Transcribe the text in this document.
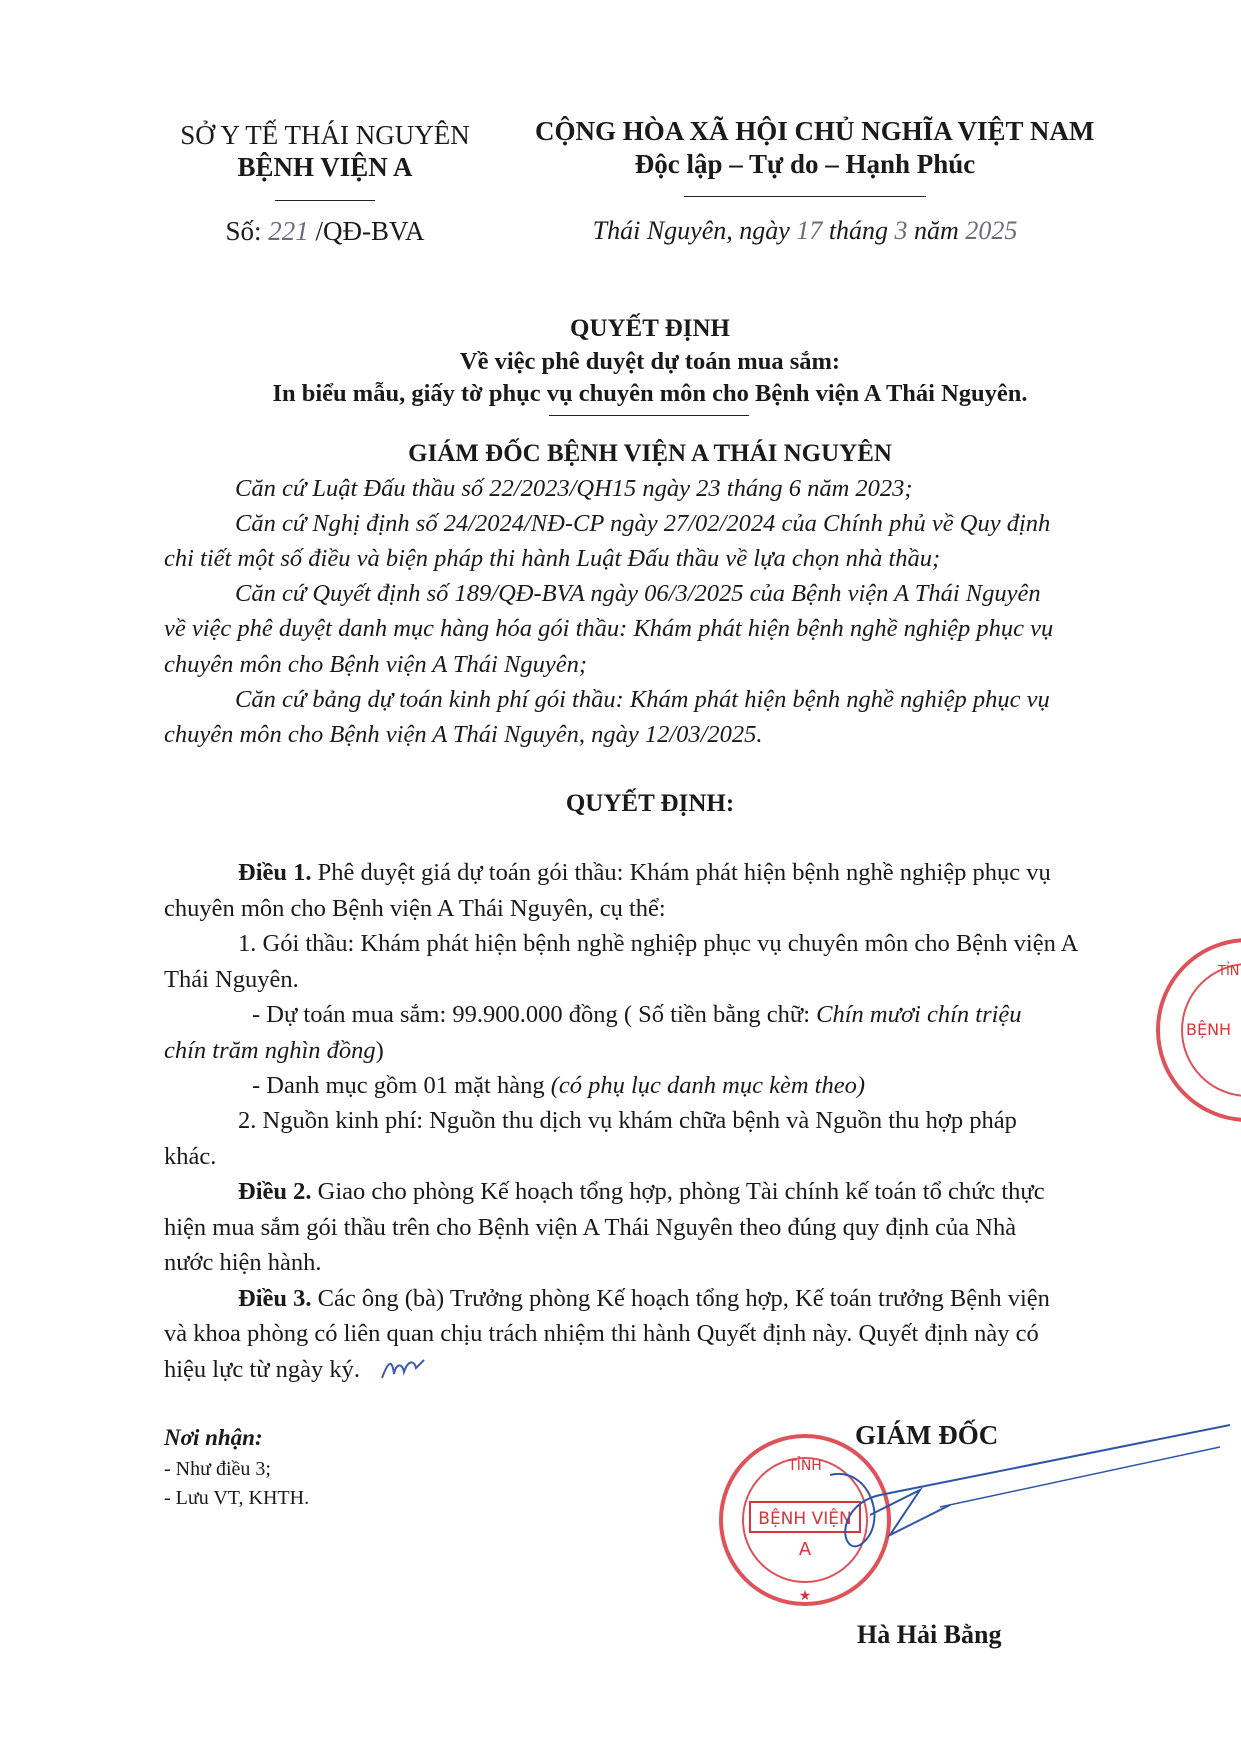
SỞ Y TẾ THÁI NGUYÊN
BỆNH VIỆN A
Số: 221 /QĐ-BVA
CỘNG HÒA XÃ HỘI CHỦ NGHĨA VIỆT NAM
Độc lập – Tự do – Hạnh Phúc
Thái Nguyên, ngày 17 tháng 3 năm 2025
QUYẾT ĐỊNH
Về việc phê duyệt dự toán mua sắm:
In biểu mẫu, giấy tờ phục vụ chuyên môn cho Bệnh viện A Thái Nguyên.
GIÁM ĐỐC BỆNH VIỆN A THÁI NGUYÊN
Căn cứ Luật Đấu thầu số 22/2023/QH15 ngày 23 tháng 6 năm 2023;
Căn cứ Nghị định số 24/2024/NĐ-CP ngày 27/02/2024 của Chính phủ về Quy định
chi tiết một số điều và biện pháp thi hành Luật Đấu thầu về lựa chọn nhà thầu;
Căn cứ Quyết định số 189/QĐ-BVA ngày 06/3/2025 của Bệnh viện A Thái Nguyên
về việc phê duyệt danh mục hàng hóa gói thầu: Khám phát hiện bệnh nghề nghiệp phục vụ
chuyên môn cho Bệnh viện A Thái Nguyên;
Căn cứ bảng dự toán kinh phí gói thầu: Khám phát hiện bệnh nghề nghiệp phục vụ
chuyên môn cho Bệnh viện A Thái Nguyên, ngày 12/03/2025.
QUYẾT ĐỊNH:
Điều 1. Phê duyệt giá dự toán gói thầu: Khám phát hiện bệnh nghề nghiệp phục vụ
chuyên môn cho Bệnh viện A Thái Nguyên, cụ thể:
1. Gói thầu: Khám phát hiện bệnh nghề nghiệp phục vụ chuyên môn cho Bệnh viện A
Thái Nguyên.
- Dự toán mua sắm: 99.900.000 đồng ( Số tiền bằng chữ: Chín mươi chín triệu
chín trăm nghìn đồng)
- Danh mục gồm 01 mặt hàng (có phụ lục danh mục kèm theo)
2. Nguồn kinh phí: Nguồn thu dịch vụ khám chữa bệnh và Nguồn thu hợp pháp
khác.
Điều 2. Giao cho phòng Kế hoạch tổng hợp, phòng Tài chính kế toán tổ chức thực
hiện mua sắm gói thầu trên cho Bệnh viện A Thái Nguyên theo đúng quy định của Nhà
nước hiện hành.
Điều 3. Các ông (bà) Trưởng phòng Kế hoạch tổng hợp, Kế toán trưởng Bệnh viện
và khoa phòng có liên quan chịu trách nhiệm thi hành Quyết định này. Quyết định này có
hiệu lực từ ngày ký.
Nơi nhận:
- Như điều 3;
- Lưu VT, KHTH.
GIÁM ĐỐC
TỈNH
BỆNH VIỆN
A
★
Hà Hải Bằng
TỈN
BỆNH
